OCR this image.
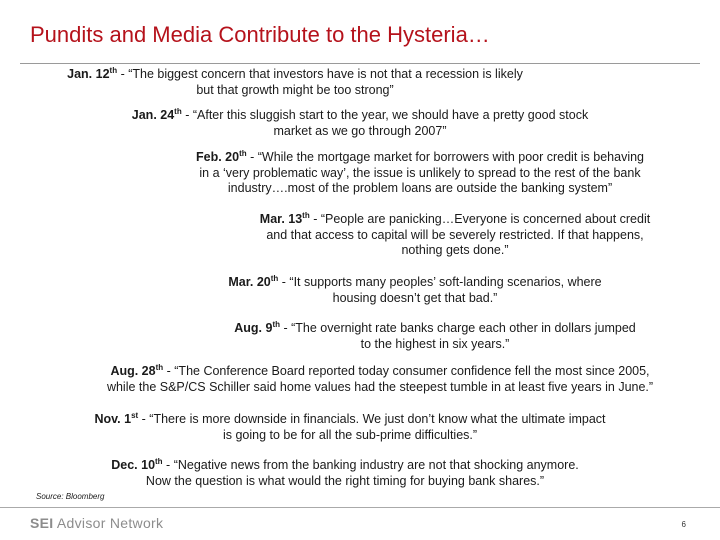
Pundits and Media Contribute to the Hysteria…
Jan. 12th - “The biggest concern that investors have is not that a recession is likely
but that growth might be too strong”
Jan. 24th - “After this sluggish start to the year, we should have a pretty good stock
market as we go through 2007”
Feb. 20th - “While the mortgage market for borrowers with poor credit is behaving
in a ‘very problematic way’, the issue is unlikely to spread to the rest of the bank
industry….most of the problem loans are outside the banking system”
Mar. 13th - “People are panicking…Everyone is concerned about credit
and that access to capital will be severely restricted. If that happens,
nothing gets done.”
Mar. 20th - “It supports many peoples’ soft-landing scenarios, where
housing doesn’t get that bad.”
Aug. 9th - “The overnight rate banks charge each other in dollars jumped
to the highest in six years.”
Aug. 28th - “The Conference Board reported today consumer confidence fell the most since 2005,
while the S&P/CS Schiller said home values had the steepest tumble in at least five years in June.”
Nov. 1st - “There is more downside in financials. We just don’t know what the ultimate impact
is going to be for all the sub-prime difficulties.”
Dec. 10th - “Negative news from the banking industry are not that shocking anymore.
Now the question is what would the right timing for buying bank shares.”
Source: Bloomberg
SEI Advisor Network	6
